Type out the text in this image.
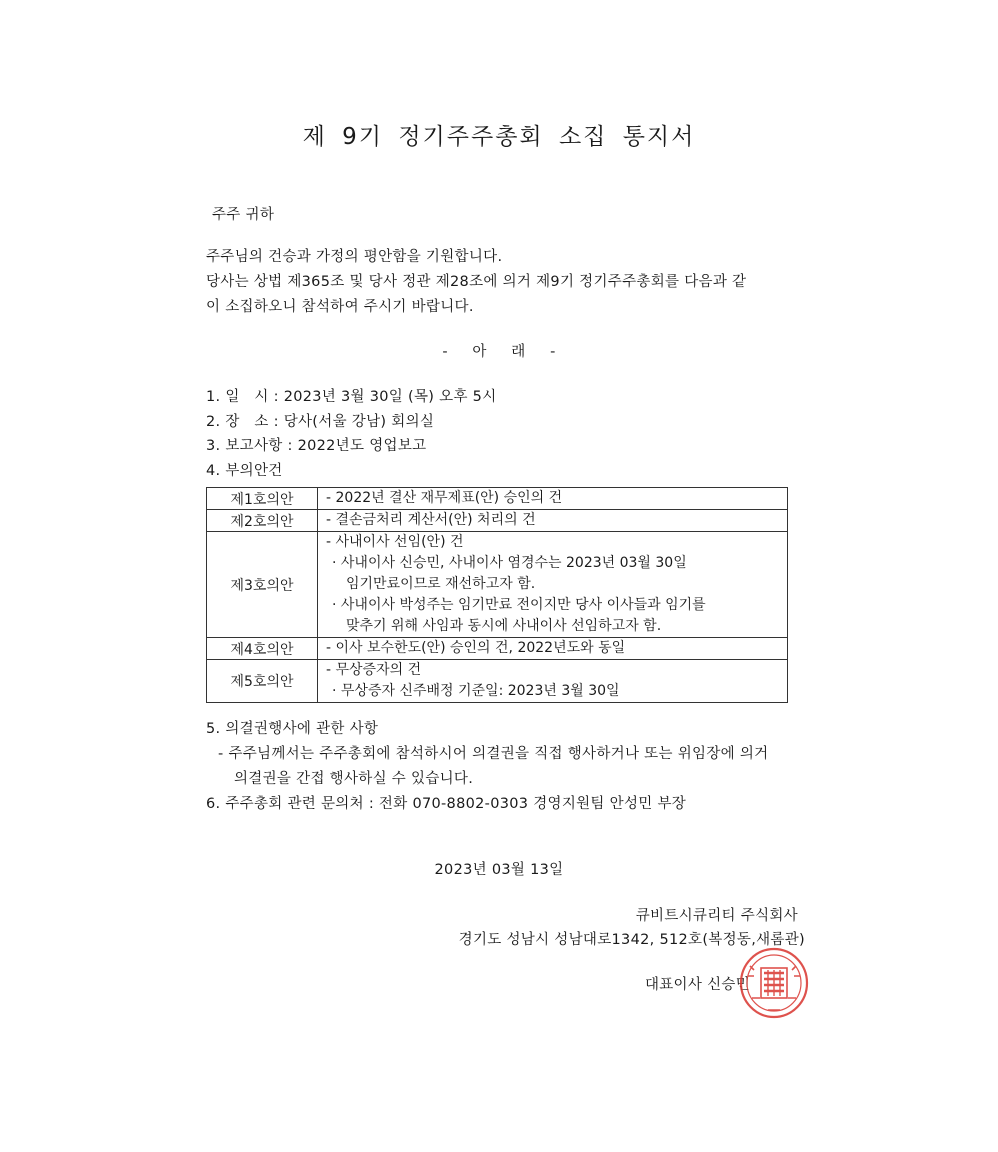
제 9기 정기주주총회 소집 통지서
주주 귀하
주주님의 건승과 가정의 평안함을 기원합니다.
당사는 상법 제365조 및 당사 정관 제28조에 의거 제9기 정기주주총회를 다음과 같
이 소집하오니 참석하여 주시기 바랍니다.
-     아     래     -
1. 일   시 : 2023년 3월 30일 (목) 오후 5시
2. 장   소 : 당사(서울 강남) 회의실
3. 보고사항 : 2022년도 영업보고
4. 부의안건
제1호의안	- 2022년 결산 재무제표(안) 승인의 건

제2호의안	- 결손금처리 계산서(안) 처리의 건

제3호의안	- 사내이사 선임(안) 건
· 사내이사 신승민, 사내이사 염경수는 2023년 03월 30일
임기만료이므로 재선하고자 함.
· 사내이사 박성주는 임기만료 전이지만 당사 이사들과 임기를
맞추기 위해 사임과 동시에 사내이사 선임하고자 함.

제4호의안	- 이사 보수한도(안) 승인의 건, 2022년도와 동일

제5호의안	- 무상증자의 건
· 무상증자 신주배정 기준일: 2023년 3월 30일
5. 의결권행사에 관한 사항
- 주주님께서는 주주총회에 참석하시어 의결권을 직접 행사하거나 또는 위임장에 의거
의결권을 간접 행사하실 수 있습니다.
6. 주주총회 관련 문의처 : 전화 070-8802-0303 경영지원팀 안성민 부장
2023년 03월 13일
큐비트시큐리티 주식회사
경기도 성남시 성남대로1342, 512호(복정동,새롬관)
대표이사 신승민
